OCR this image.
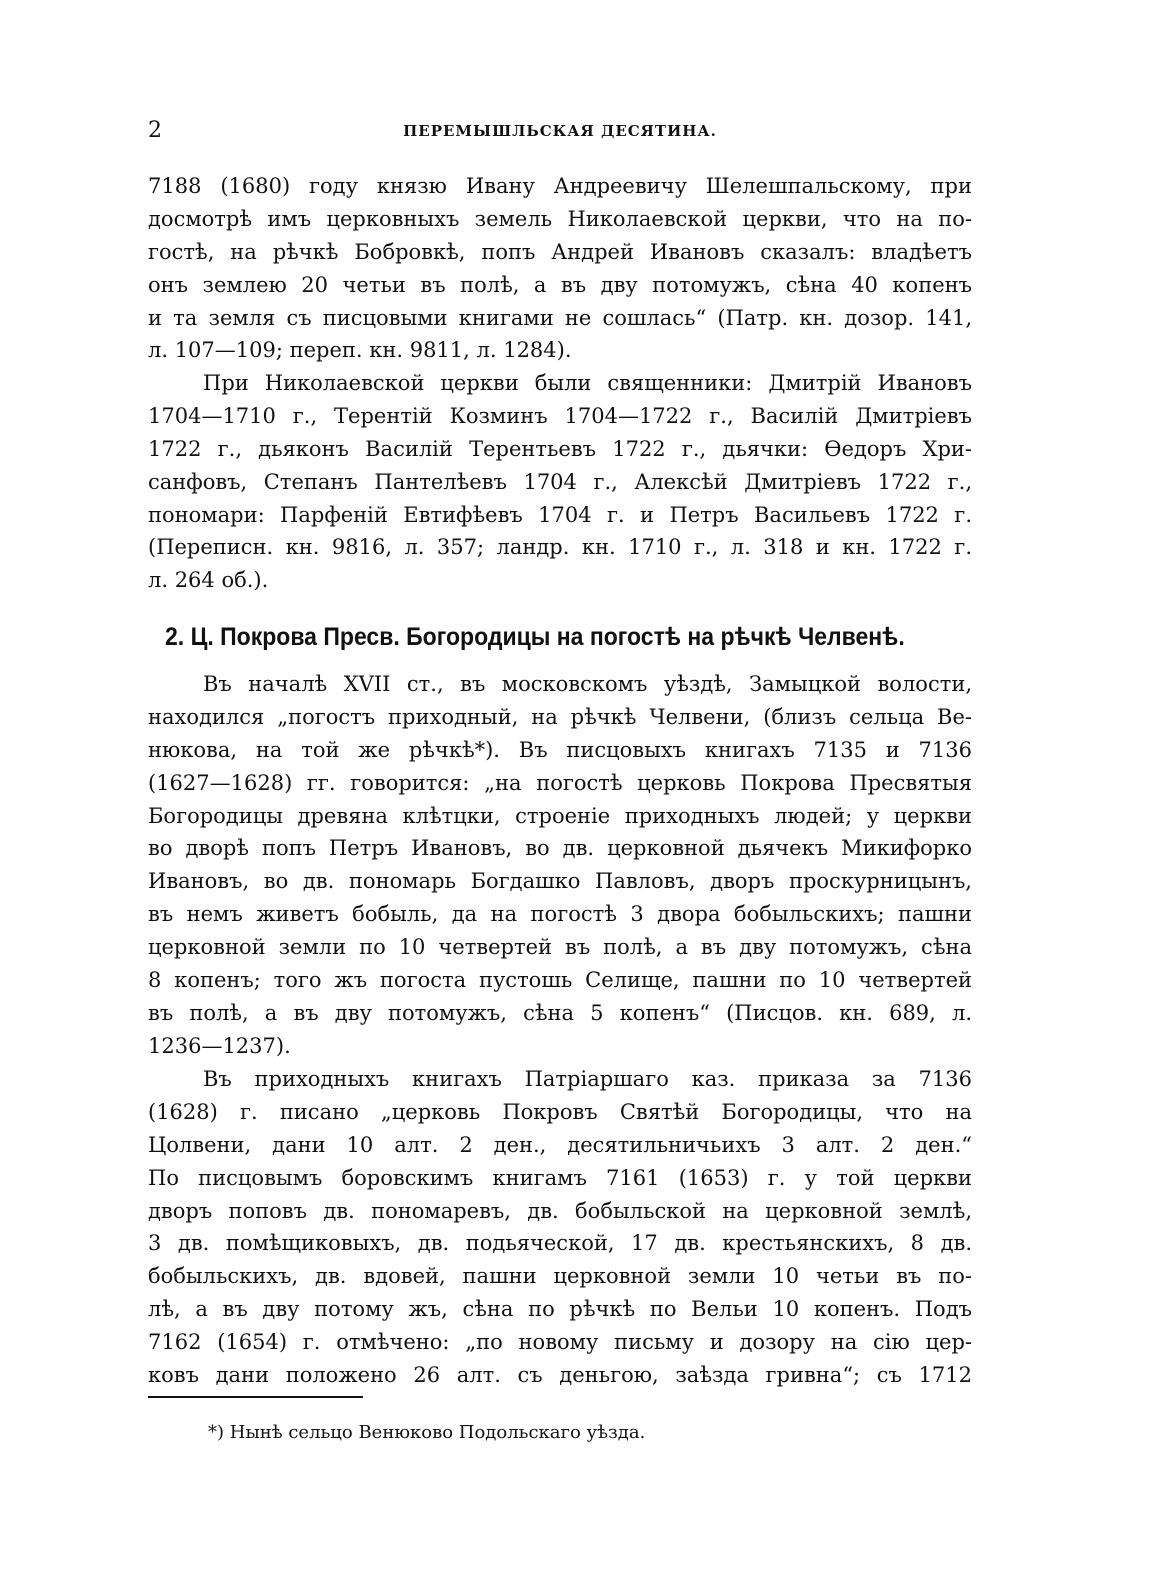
2	ПЕРЕМЫШЛЬСКАЯ ДЕСЯТИНА.
7188 (1680) году князю Ивану Андреевичу Шелешпальскому, при
досмотрѣ имъ церковныхъ земель Николаевской церкви, что на по-
гостѣ, на рѣчкѣ Бобровкѣ, попъ Андрей Ивановъ сказалъ: владѣетъ
онъ землею 20 четьи въ полѣ, а въ дву потомужъ, сѣна 40 копенъ
и та земля съ писцовыми книгами не сошлась“ (Патр. кн. дозор. 141,
л. 107—109; переп. кн. 9811, л. 1284).
При Николаевской церкви были священники: Дмитрій Ивановъ
1704—1710 г., Терентій Козминъ 1704—1722 г., Василій Дмитріевъ
1722 г., дьяконъ Василій Терентьевъ 1722 г., дьячки: Ѳедоръ Хри-
санфовъ, Степанъ Пантелѣевъ 1704 г., Алексѣй Дмитріевъ 1722 г.,
пономари: Парфеній Евтифѣевъ 1704 г. и Петръ Васильевъ 1722 г.
(Переписн. кн. 9816, л. 357; ландр. кн. 1710 г., л. 318 и кн. 1722 г.
л. 264 об.).
2. Ц. Покрова Пресв. Богородицы на погостѣ на рѣчкѣ Челвенѣ.
Въ началѣ XVII ст., въ московскомъ уѣздѣ, Замыцкой волости,
находился „погостъ приходный, на рѣчкѣ Челвени, (близъ сельца Ве-
нюкова, на той же рѣчкѣ*). Въ писцовыхъ книгахъ 7135 и 7136
(1627—1628) гг. говорится: „на погостѣ церковь Покрова Пресвятыя
Богородицы древяна клѣтцки, строеніе приходныхъ людей; у церкви
во дворѣ попъ Петръ Ивановъ, во дв. церковной дьячекъ Микифорко
Ивановъ, во дв. пономарь Богдашко Павловъ, дворъ проскурницынъ,
въ немъ живетъ бобыль, да на погостѣ 3 двора бобыльскихъ; пашни
церковной земли по 10 четвертей въ полѣ, а въ дву потомужъ, сѣна
8 копенъ; того жъ погоста пустошь Селище, пашни по 10 четвертей
въ полѣ, а въ дву потомужъ, сѣна 5 копенъ“ (Писцов. кн. 689, л.
1236—1237).
Въ приходныхъ книгахъ Патріаршаго каз. приказа за 7136
(1628) г. писано „церковь Покровъ Святѣй Богородицы, что на
Цолвени, дани 10 алт. 2 ден., десятильничьихъ 3 алт. 2 ден.“
По писцовымъ боровскимъ книгамъ 7161 (1653) г. у той церкви
дворъ поповъ дв. пономаревъ, дв. бобыльской на церковной землѣ,
3 дв. помѣщиковыхъ, дв. подьяческой, 17 дв. крестьянскихъ, 8 дв.
бобыльскихъ, дв. вдовей, пашни церковной земли 10 четьи въ по-
лѣ, а въ дву потому жъ, сѣна по рѣчкѣ по Вельи 10 копенъ. Подъ
7162 (1654) г. отмѣчено: „по новому письму и дозору на сію цер-
ковъ дани положено 26 алт. съ деньгою, заѣзда гривна“; съ 1712
*) Нынѣ сельцо Венюково Подольскаго уѣзда.
